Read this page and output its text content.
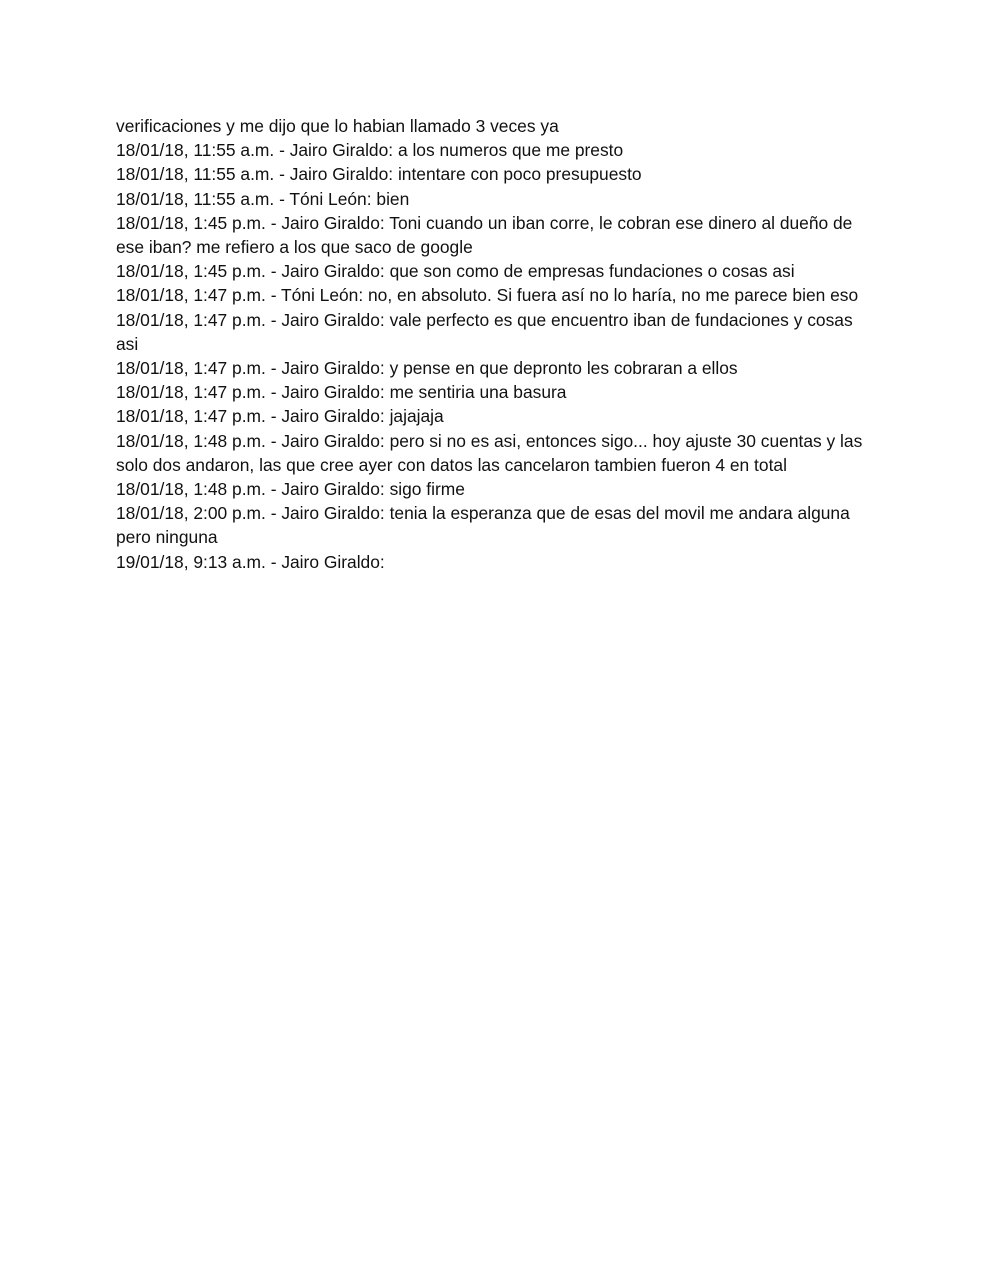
verificaciones y me dijo que lo habian llamado 3 veces ya

18/01/18, 11:55 a.m. - Jairo Giraldo: a los numeros que me presto

18/01/18, 11:55 a.m. - Jairo Giraldo: intentare con poco presupuesto

18/01/18, 11:55 a.m. - Tóni León: bien

18/01/18, 1:45 p.m. - Jairo Giraldo: Toni cuando un iban corre, le cobran ese dinero al dueño de ese iban? me refiero a los que saco de google

18/01/18, 1:45 p.m. - Jairo Giraldo: que son como de empresas fundaciones o cosas asi

18/01/18, 1:47 p.m. - Tóni León: no, en absoluto. Si fuera así no lo haría, no me parece bien eso

18/01/18, 1:47 p.m. - Jairo Giraldo: vale perfecto es que encuentro iban de fundaciones y cosas asi

18/01/18, 1:47 p.m. - Jairo Giraldo: y pense en que depronto les cobraran a ellos

18/01/18, 1:47 p.m. - Jairo Giraldo: me sentiria una basura

18/01/18, 1:47 p.m. - Jairo Giraldo: jajajaja

18/01/18, 1:48 p.m. - Jairo Giraldo: pero si no es asi, entonces sigo... hoy ajuste 30 cuentas y las solo dos andaron, las que cree ayer con datos las cancelaron tambien fueron 4 en total

18/01/18, 1:48 p.m. - Jairo Giraldo: sigo firme

18/01/18, 2:00 p.m. - Jairo Giraldo: tenia la esperanza que de esas del movil me andara alguna pero ninguna

19/01/18, 9:13 a.m. - Jairo Giraldo:
